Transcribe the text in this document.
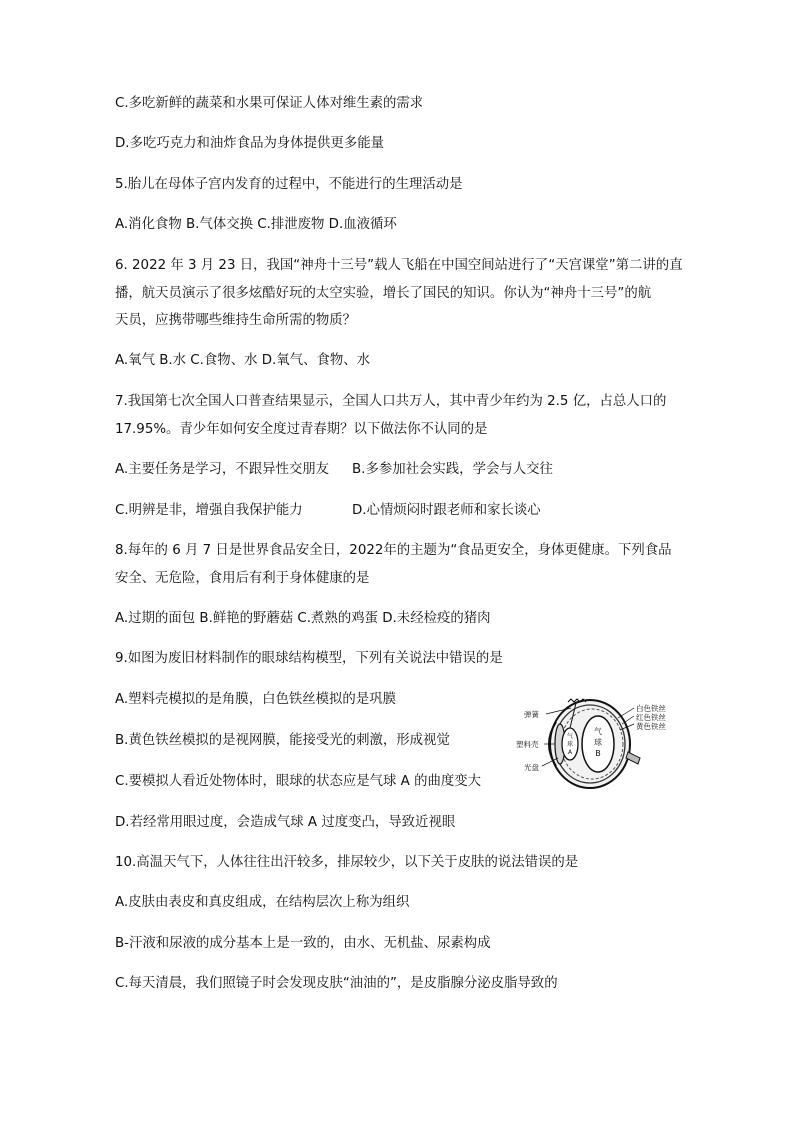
C.多吃新鲜的蔬菜和水果可保证人体对维生素的需求
D.多吃巧克力和油炸食品为身体提供更多能量
5.胎儿在母体子宫内发育的过程中，不能进行的生理活动是
A.消化食物 B.气体交换 C.排泄废物 D.血液循环
6. 2022 年 3 月 23 日，我国“神舟十三号”载人飞船在中国空间站进行了“天宫课堂”第二讲的直
播，航天员演示了很多炫酷好玩的太空实验，增长了国民的知识。你认为“神舟十三号”的航
天员，应携带哪些维持生命所需的物质？
A.氧气 B.水 C.食物、水 D.氧气、食物、水
7.我国第七次全国人口普查结果显示，全国人口共万人，其中青少年约为 2.5 亿，占总人口的
17.95%。青少年如何安全度过青春期？以下做法你不认同的是
A.主要任务是学习，不跟异性交朋友 B.多参加社会实践，学会与人交往
C.明辨是非，增强自我保护能力	D.心情烦闷时跟老师和家长谈心
8.每年的 6 月 7 日是世界食品安全日，2022年的主题为“食品更安全，身体更健康。下列食品
安全、无危险，食用后有利于身体健康的是
A.过期的面包 B.鲜艳的野蘑菇 C.煮熟的鸡蛋 D.未经检疫的猪肉
9.如图为废旧材料制作的眼球结构模型，下列有关说法中错误的是
A.塑料壳模拟的是角膜，白色铁丝模拟的是巩膜
B.黄色铁丝模拟的是视网膜，能接受光的刺激，形成视觉
C.要模拟人看近处物体时，眼球的状态应是气球 A 的曲度变大
D.若经常用眼过度，会造成气球 A 过度变凸，导致近视眼
10.高温天气下，人体往往出汗较多，排尿较少，以下关于皮肤的说法错误的是
A.皮肤由表皮和真皮组成，在结构层次上称为组织
B-汗液和尿液的成分基本上是一致的，由水、无机盐、尿素构成
C.每天清晨，我们照镜子时会发现皮肤“油油的”，是皮脂腺分泌皮脂导致的
气
球
A
气
球
B
弹簧
塑料壳
光盘
白色铁丝
红色铁丝
黄色铁丝
